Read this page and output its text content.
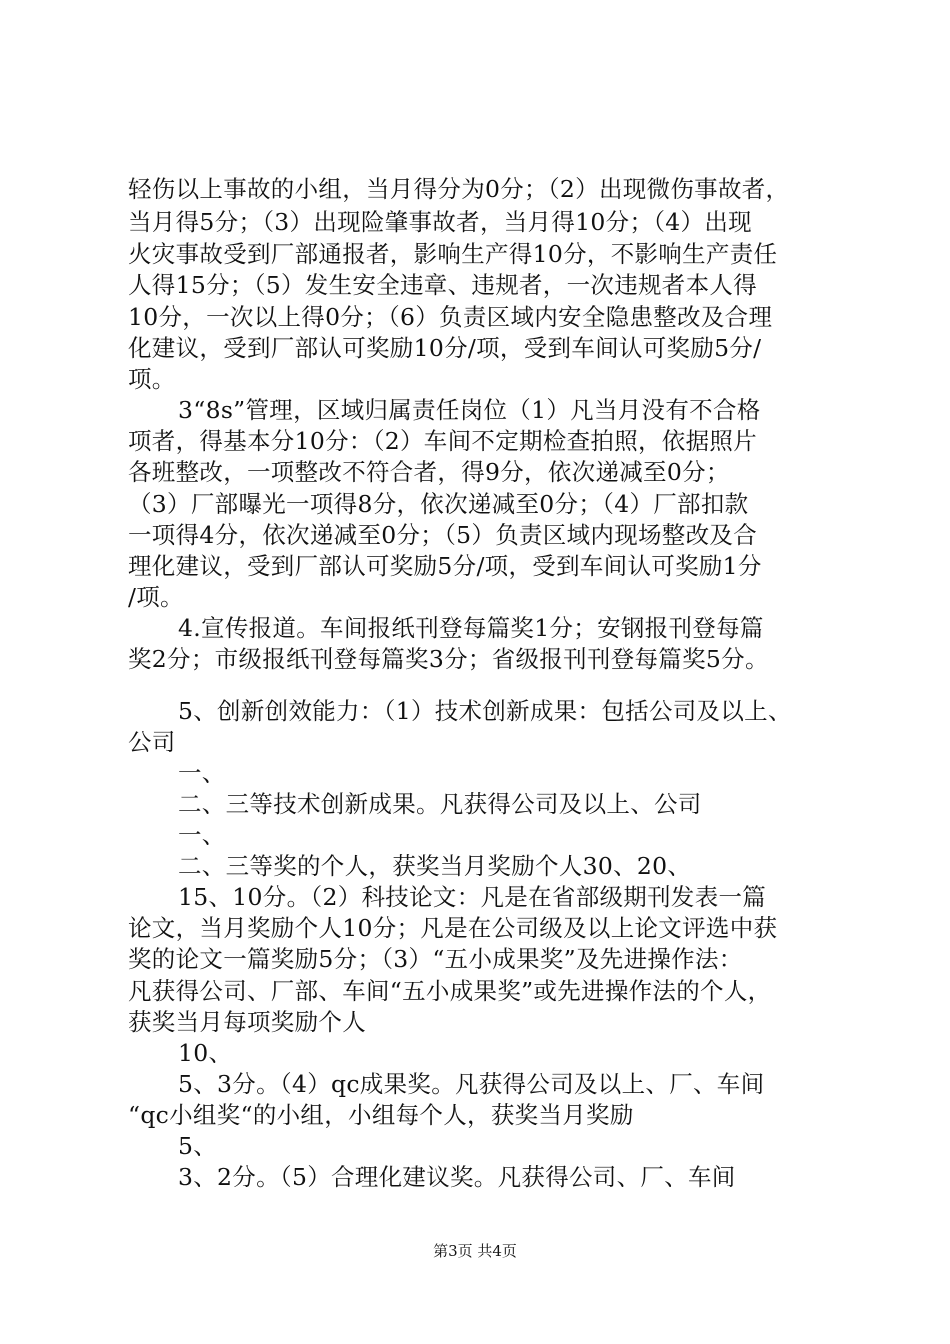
轻伤以上事故的小组，当月得分为0分；（2）出现微伤事故者，
当月得5分；（3）出现险肇事故者，当月得10分；（4）出现
火灾事故受到厂部通报者，影响生产得10分，不影响生产责任
人得15分；（5）发生安全违章、违规者，一次违规者本人得
10分，一次以上得0分；（6）负责区域内安全隐患整改及合理
化建议，受到厂部认可奖励10分/项，受到车间认可奖励5分/
项。
3“8s”管理，区域归属责任岗位（1）凡当月没有不合格
项者，得基本分10分：（2）车间不定期检查拍照，依据照片
各班整改，一项整改不符合者，得9分，依次递减至0分；
（3）厂部曝光一项得8分，依次递减至0分；（4）厂部扣款
一项得4分，依次递减至0分；（5）负责区域内现场整改及合
理化建议，受到厂部认可奖励5分/项，受到车间认可奖励1分
/项。
4.宣传报道。车间报纸刊登每篇奖1分；安钢报刊登每篇
奖2分；市级报纸刊登每篇奖3分；省级报刊刊登每篇奖5分。
5、创新创效能力：（1）技术创新成果：包括公司及以上、
公司
一、
二、三等技术创新成果。凡获得公司及以上、公司
一、
二、三等奖的个人，获奖当月奖励个人30、20、
15、10分。（2）科技论文：凡是在省部级期刊发表一篇
论文，当月奖励个人10分；凡是在公司级及以上论文评选中获
奖的论文一篇奖励5分；（3）“五小成果奖”及先进操作法：
凡获得公司、厂部、车间“五小成果奖”或先进操作法的个人，
获奖当月每项奖励个人
10、
5、3分。（4）qc成果奖。凡获得公司及以上、厂、车间
“qc小组奖“的小组，小组每个人，获奖当月奖励
5、
3、2分。（5）合理化建议奖。凡获得公司、厂、车间
第3页 共4页
